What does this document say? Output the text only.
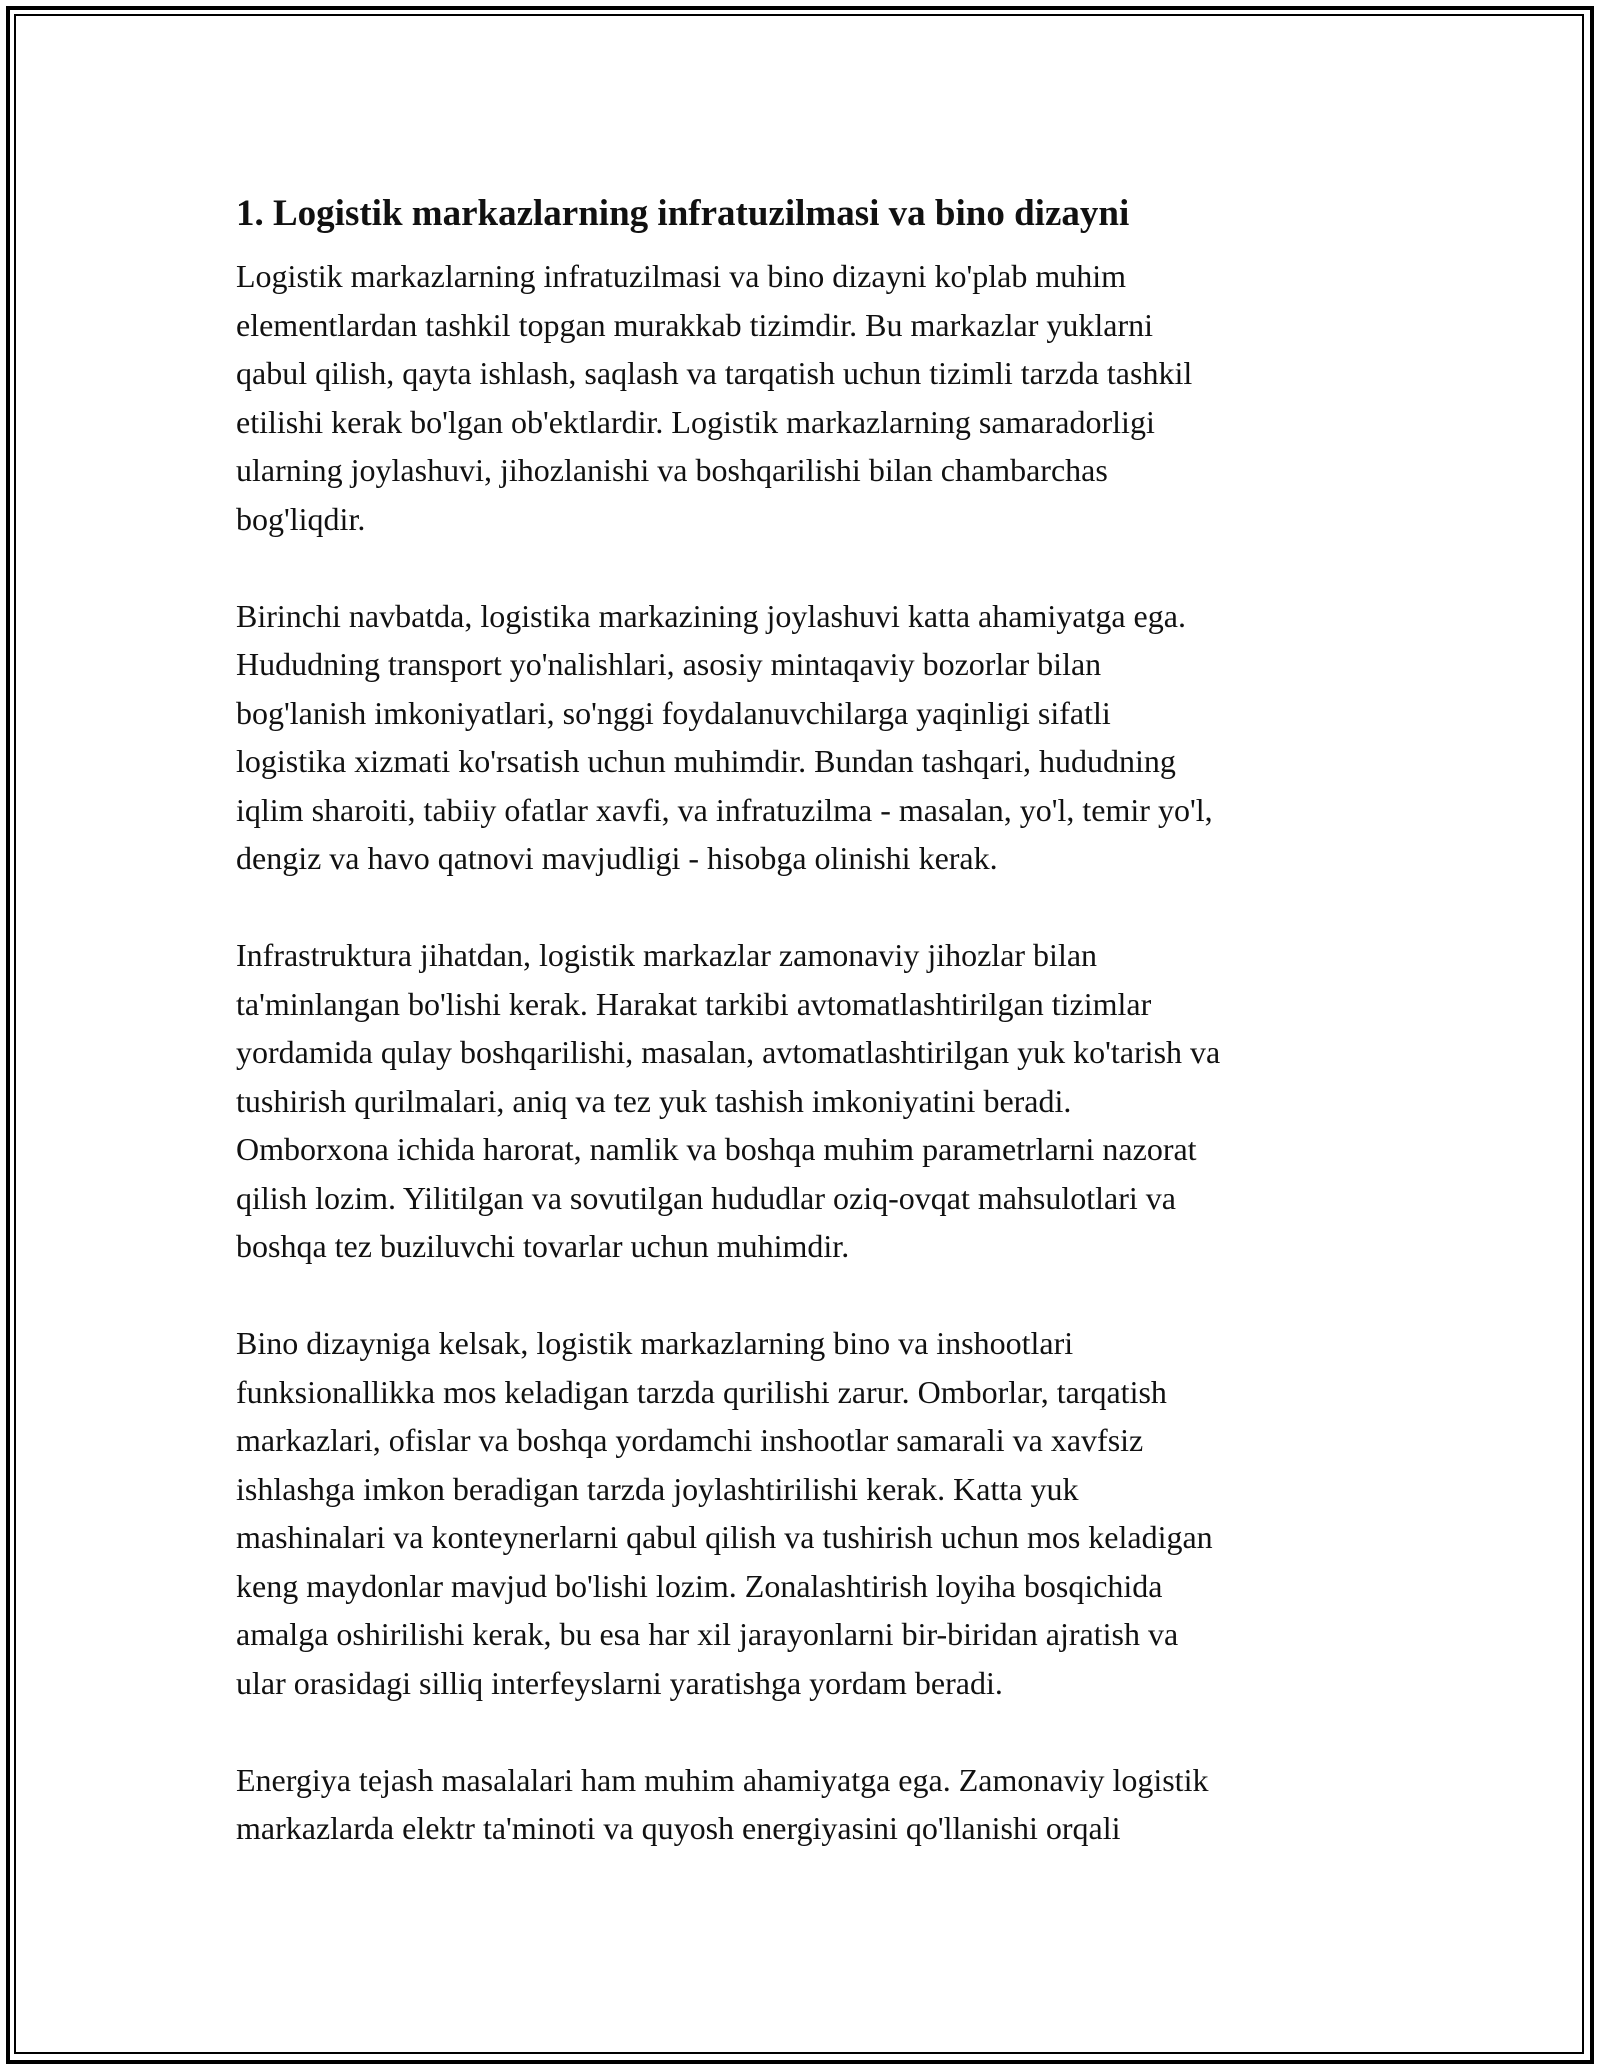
1. Logistik markazlarning infratuzilmasi va bino dizayni
Logistik markazlarning infratuzilmasi va bino dizayni ko'plab muhim
elementlardan tashkil topgan murakkab tizimdir. Bu markazlar yuklarni
qabul qilish, qayta ishlash, saqlash va tarqatish uchun tizimli tarzda tashkil
etilishi kerak bo'lgan ob'ektlardir. Logistik markazlarning samaradorligi
ularning joylashuvi, jihozlanishi va boshqarilishi bilan chambarchas
bog'liqdir.
Birinchi navbatda, logistika markazining joylashuvi katta ahamiyatga ega.
Hududning transport yo'nalishlari, asosiy mintaqaviy bozorlar bilan
bog'lanish imkoniyatlari, so'nggi foydalanuvchilarga yaqinligi sifatli
logistika xizmati ko'rsatish uchun muhimdir. Bundan tashqari, hududning
iqlim sharoiti, tabiiy ofatlar xavfi, va infratuzilma - masalan, yo'l, temir yo'l,
dengiz va havo qatnovi mavjudligi - hisobga olinishi kerak.
Infrastruktura jihatdan, logistik markazlar zamonaviy jihozlar bilan
ta'minlangan bo'lishi kerak. Harakat tarkibi avtomatlashtirilgan tizimlar
yordamida qulay boshqarilishi, masalan, avtomatlashtirilgan yuk ko'tarish va
tushirish qurilmalari, aniq va tez yuk tashish imkoniyatini beradi.
Omborxona ichida harorat, namlik va boshqa muhim parametrlarni nazorat
qilish lozim. Yilitilgan va sovutilgan hududlar oziq-ovqat mahsulotlari va
boshqa tez buziluvchi tovarlar uchun muhimdir.
Bino dizayniga kelsak, logistik markazlarning bino va inshootlari
funksionallikka mos keladigan tarzda qurilishi zarur. Omborlar, tarqatish
markazlari, ofislar va boshqa yordamchi inshootlar samarali va xavfsiz
ishlashga imkon beradigan tarzda joylashtirilishi kerak. Katta yuk
mashinalari va konteynerlarni qabul qilish va tushirish uchun mos keladigan
keng maydonlar mavjud bo'lishi lozim. Zonalashtirish loyiha bosqichida
amalga oshirilishi kerak, bu esa har xil jarayonlarni bir-biridan ajratish va
ular orasidagi silliq interfeyslarni yaratishga yordam beradi.
Energiya tejash masalalari ham muhim ahamiyatga ega. Zamonaviy logistik
markazlarda elektr ta'minoti va quyosh energiyasini qo'llanishi orqali
